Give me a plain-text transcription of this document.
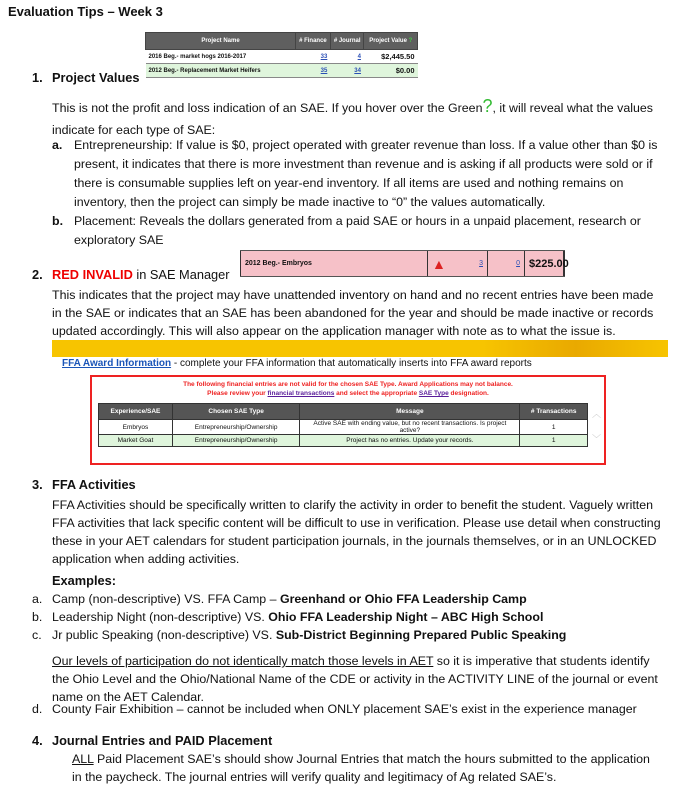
Evaluation Tips – Week 3
Project Name	# Finance	# Journal	Project Value ?
2016 Beg.- market hogs 2016-2017	33	4	$2,445.50
2012 Beg.- Replacement Market Heifers	35	34	$0.00
1. Project Values
This is not the profit and loss indication of an SAE. If you hover over the Green?, it will reveal what the values indicate for each type of SAE:
a. Entrepreneurship: If value is $0, project operated with greater revenue than loss. If a value other than $0 is present, it indicates that there is more investment than revenue and is asking if all products were sold or if there is consumable supplies left on year-end inventory. If all items are used and nothing remains on inventory, then the project can simply be made inactive to “0” the values automatically.
b. Placement: Reveals the dollars generated from a paid SAE or hours in a unpaid placement, research or exploratory SAE
2012 Beg.- Embryos	▲	3	0 $225.00
2. RED INVALID in SAE Manager
This indicates that the project may have unattended inventory on hand and no recent entries have been made in the SAE or indicates that an SAE has been abandoned for the year and should be made inactive or records updated accordingly. This will also appear on the application manager with note as to what the issue is.
FFA Award Information - complete your FFA information that automatically inserts into FFA award reports
The following financial entries are not valid for the chosen SAE Type. Award Applications may not balance.
Please review your financial transactions and select the appropriate SAE Type designation.
Experience/SAE	Chosen SAE Type	Message	# Transactions
Embryos	Entrepreneurship/Ownership	Active SAE with ending value, but no recent transactions. Is project active?	1
Market Goat	Entrepreneurship/Ownership	Project has no entries. Update your records.	1
︿
﹀
3. FFA Activities
FFA Activities should be specifically written to clarify the activity in order to benefit the student. Vaguely written FFA activities that lack specific content will be difficult to use in verification. Please use detail when constructing these in your AET calendars for student participation journals, in the journals themselves, or in an UNLOCKED application when adding activities.
Examples:
a. Camp (non-descriptive) VS. FFA Camp – Greenhand or Ohio FFA Leadership Camp
b. Leadership Night (non-descriptive) VS. Ohio FFA Leadership Night – ABC High School
c. Jr public Speaking (non-descriptive) VS. Sub-District Beginning Prepared Public Speaking
Our levels of participation do not identically match those levels in AET so it is imperative that students identify the Ohio Level and the Ohio/National Name of the CDE or activity in the ACTIVITY LINE of the journal or event name on the AET Calendar.
d. County Fair Exhibition – cannot be included when ONLY placement SAE’s exist in the experience manager
4. Journal Entries and PAID Placement
ALL Paid Placement SAE’s should show Journal Entries that match the hours submitted to the application in the paycheck. The journal entries will verify quality and legitimacy of Ag related SAE’s.
